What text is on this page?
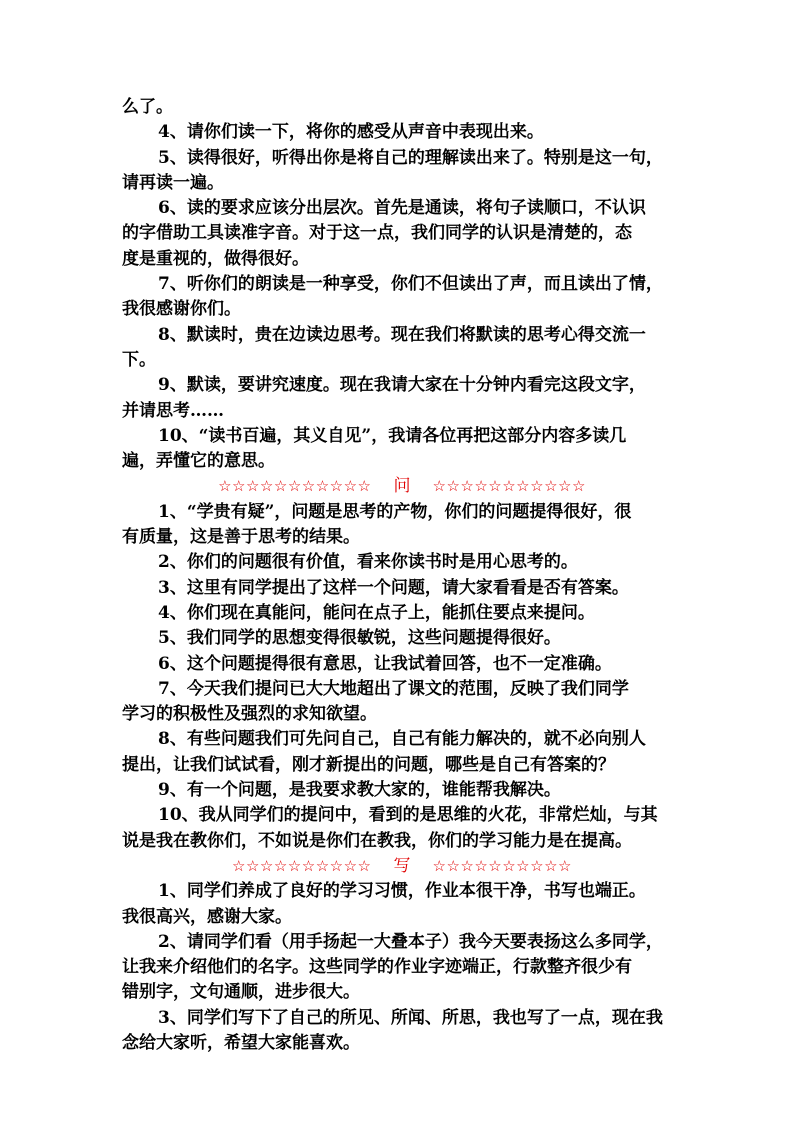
么了。
4、请你们读一下，将你的感受从声音中表现出来。
5、读得很好，听得出你是将自己的理解读出来了。特别是这一句，
请再读一遍。
6、读的要求应该分出层次。首先是通读，将句子读顺口，不认识
的字借助工具读准字音。对于这一点，我们同学的认识是清楚的，态
度是重视的，做得很好。
7、听你们的朗读是一种享受，你们不但读出了声，而且读出了情，
我很感谢你们。
8、默读时，贵在边读边思考。现在我们将默读的思考心得交流一
下。
9、默读，要讲究速度。现在我请大家在十分钟内看完这段文字，
并请思考……
10、“读书百遍，其义自见”，我请各位再把这部分内容多读几
遍，弄懂它的意思。
☆☆☆☆☆☆☆☆☆☆☆ 问 ☆☆☆☆☆☆☆☆☆☆☆
1、“学贵有疑”，问题是思考的产物，你们的问题提得很好，很
有质量，这是善于思考的结果。
2、你们的问题很有价值，看来你读书时是用心思考的。
3、这里有同学提出了这样一个问题，请大家看看是否有答案。
4、你们现在真能问，能问在点子上，能抓住要点来提问。
5、我们同学的思想变得很敏锐，这些问题提得很好。
6、这个问题提得很有意思，让我试着回答，也不一定准确。
7、今天我们提问已大大地超出了课文的范围，反映了我们同学
学习的积极性及强烈的求知欲望。
8、有些问题我们可先问自己，自己有能力解决的，就不必向别人
提出，让我们试试看，刚才新提出的问题，哪些是自己有答案的？
9、有一个问题，是我要求教大家的，谁能帮我解决。
10、我从同学们的提问中，看到的是思维的火花，非常烂灿，与其
说是我在教你们，不如说是你们在教我，你们的学习能力是在提高。
☆☆☆☆☆☆☆☆☆☆ 写 ☆☆☆☆☆☆☆☆☆☆
1、同学们养成了良好的学习习惯，作业本很干净，书写也端正。
我很高兴，感谢大家。
2、请同学们看（用手扬起一大叠本子）我今天要表扬这么多同学，
让我来介绍他们的名字。这些同学的作业字迹端正，行款整齐很少有
错别字，文句通顺，进步很大。
3、同学们写下了自己的所见、所闻、所思，我也写了一点，现在我
念给大家听，希望大家能喜欢。
